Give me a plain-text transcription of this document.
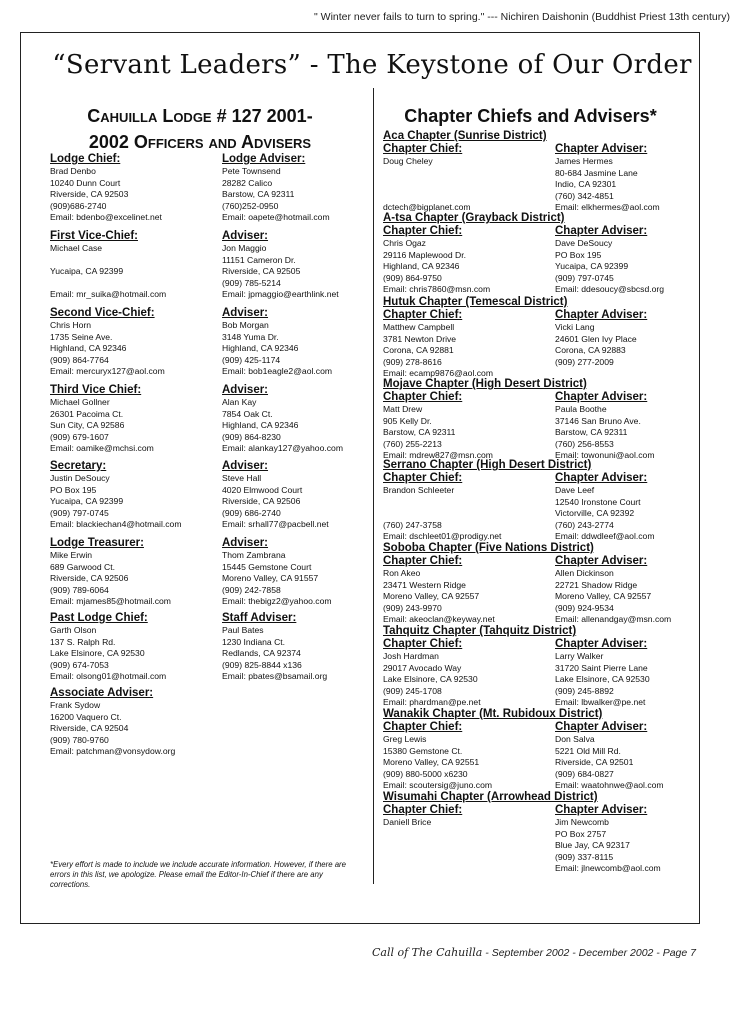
" Winter never fails to turn to spring." --- Nichiren Daishonin (Buddhist Priest 13th century)
“Servant Leaders” - The Keystone of Our Order
Cahuilla Lodge # 127 2001-
2002 Officers and Advisers
Chapter Chiefs and Advisers*
Lodge Chief:
Brad Denbo
10240 Dunn Court
Riverside, CA 92503
(909)686-2740
Email: bdenbo@excelinet.net
First Vice-Chief:
Michael Case

Yucaipa, CA 92399

Email: mr_suika@hotmail.com
Second Vice-Chief:
Chris Horn
1735 Seine Ave.
Highland, CA 92346
(909) 864-7764
Email: mercuryx127@aol.com
Third Vice Chief:
Michael Gollner
26301 Pacoima Ct.
Sun City, CA 92586
(909) 679-1607
Email: oamike@mchsi.com
Secretary:
Justin DeSoucy
PO Box 195
Yucaipa, CA 92399
(909) 797-0745
Email: blackiechan4@hotmail.com
Lodge Treasurer:
Mike Erwin
689 Garwood Ct.
Riverside, CA 92506
(909) 789-6064
Email: mjames85@hotmail.com
Past Lodge Chief:
Garth Olson
137 S. Ralph Rd.
Lake Elsinore, CA 92530
(909) 674-7053
Email: olsong01@hotmail.com
Associate Adviser:
Frank Sydow
16200 Vaquero Ct.
Riverside, CA 92504
(909) 780-9760
Email: patchman@vonsydow.org
Lodge Adviser:
Pete Townsend
28282 Calico
Barstow, CA 92311
(760)252-0950
Email: oapete@hotmail.com
Adviser:
Jon Maggio
11151 Cameron Dr.
Riverside, CA 92505
(909) 785-5214
Email: jpmaggio@earthlink.net
Adviser:
Bob Morgan
3148 Yuma Dr.
Highland, CA 92346
(909) 425-1174
Email: bob1eagle2@aol.com
Adviser:
Alan Kay
7854 Oak Ct.
Highland, CA 92346
(909) 864-8230
Email: alankay127@yahoo.com
Adviser:
Steve Hall
4020 Elmwood Court
Riverside, CA 92506
(909) 686-2740
Email: srhall77@pacbell.net
Adviser:
Thom Zambrana
15445 Gemstone Court
Moreno Valley, CA 91557
(909) 242-7858
Email: thebigz2@yahoo.com
Staff Adviser:
Paul Bates
1230 Indiana Ct.
Redlands, CA 92374
(909) 825-8844 x136
Email: pbates@bsamail.org
Aca Chapter (Sunrise District)
Chapter Chief:
Doug Cheley

dctech@bigplanet.com
Chapter Adviser:
James Hermes
80-684 Jasmine Lane
Indio, CA 92301
(760) 342-4851
Email: elkhermes@aol.com
A-tsa Chapter (Grayback District)
Chapter Chief:
Chris Ogaz
29116 Maplewood Dr.
Highland, CA 92346
(909) 864-9750
Email: chris7860@msn.com
Chapter Adviser:
Dave DeSoucy
PO Box 195
Yucaipa, CA 92399
(909) 797-0745
Email: ddesoucy@sbcsd.org
Hutuk Chapter (Temescal District)
Chapter Chief:
Matthew Campbell
3781 Newton Drive
Corona, CA 92881
(909) 278-8616
Email: ecamp9876@aol.com
Chapter Adviser:
Vicki Lang
24601 Glen Ivy Place
Corona, CA 92883
(909) 277-2009
Mojave Chapter (High Desert District)
Chapter Chief:
Matt Drew
905 Kelly Dr.
Barstow, CA 92311
(760) 255-2213
Email: mdrew827@msn.com
Chapter Adviser:
Paula Boothe
37146 San Bruno Ave.
Barstow, CA 92311
(760) 256-8553
Email: towonuni@aol.com
Serrano Chapter (High Desert District)
Chapter Chief:
Brandon Schleeter

(760) 247-3758
Email: dschleet01@prodigy.net
Chapter Adviser:
Dave Leef
12540 Ironstone Court
Victorville, CA 92392
(760) 243-2774
Email: ddwdleef@aol.com
Soboba Chapter (Five Nations District)
Chapter Chief:
Ron Akeo
23471 Western Ridge
Moreno Valley, CA 92557
(909) 243-9970
Email: akeoclan@keyway.net
Chapter Adviser:
Allen Dickinson
22721 Shadow Ridge
Moreno Valley, CA 92557
(909) 924-9534
Email: allenandgay@msn.com
Tahquitz Chapter (Tahquitz District)
Chapter Chief:
Josh Hardman
29017 Avocado Way
Lake Elsinore, CA 92530
(909) 245-1708
Email: phardman@pe.net
Chapter Adviser:
Larry Walker
31720 Saint Pierre Lane
Lake Elsinore, CA 92530
(909) 245-8892
Email: lbwalker@pe.net
Wanakik Chapter (Mt. Rubidoux District)
Chapter Chief:
Greg Lewis
15380 Gemstone Ct.
Moreno Valley, CA 92551
(909) 880-5000 x6230
Email: scoutersig@juno.com
Chapter Adviser:
Don Salva
5221 Old Mill Rd.
Riverside, CA 92501
(909) 684-0827
Email: waatohnwe@aol.com
Wisumahi Chapter (Arrowhead District)
Chapter Chief:
Daniell Brice
Chapter Adviser:
Jim Newcomb
PO Box 2757
Blue Jay, CA 92317
(909) 337-8115
Email: jlnewcomb@aol.com
*Every effort is made to include we include accurate information. However, if there are errors in this list, we apologize. Please email the Editor-In-Chief if there are any corrections.
Call of The Cahuilla - September 2002 - December 2002 - Page 7
